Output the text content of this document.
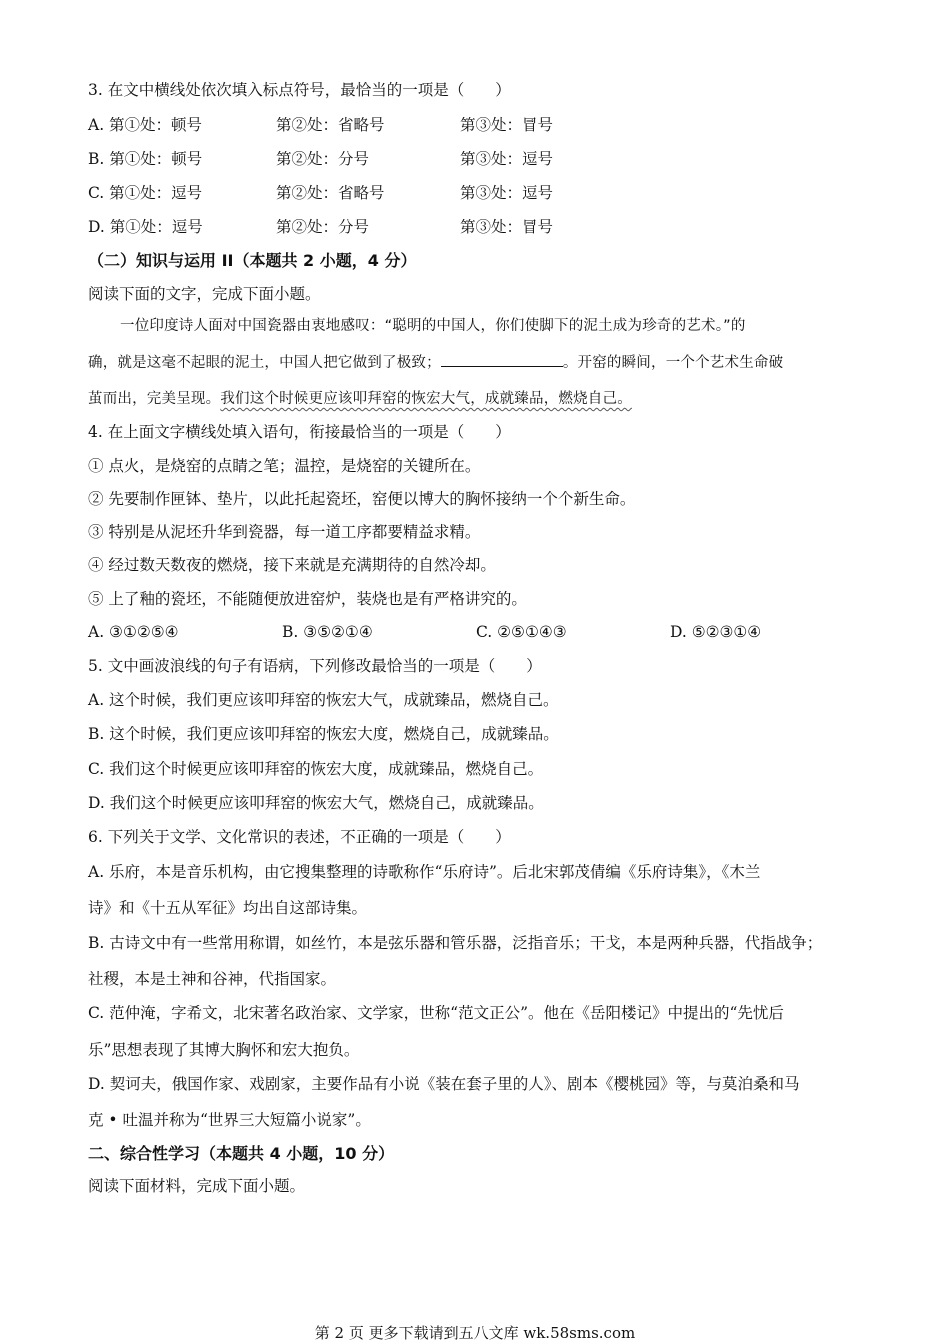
3. 在文中横线处依次填入标点符号，最恰当的一项是（　　）
A. 第①处：顿号	第②处：省略号	第③处：冒号
B. 第①处：顿号	第②处：分号	第③处：逗号
C. 第①处：逗号	第②处：省略号	第③处：逗号
D. 第①处：逗号	第②处：分号	第③处：冒号
（二）知识与运用 II（本题共 2 小题，4 分）
阅读下面的文字，完成下面小题。
一位印度诗人面对中国瓷器由衷地感叹：“聪明的中国人，你们使脚下的泥土成为珍奇的艺术。”的
确，就是这毫不起眼的泥土，中国人把它做到了极致；	。开窑的瞬间，一个个艺术生命破
茧而出，完美呈现。我们这个时候更应该叩拜窑的恢宏大气，成就臻品，燃烧自己。
4. 在上面文字横线处填入语句，衔接最恰当的一项是（　　）
① 点火，是烧窑的点睛之笔；温控，是烧窑的关键所在。
② 先要制作匣钵、垫片，以此托起瓷坯，窑便以博大的胸怀接纳一个个新生命。
③ 特别是从泥坯升华到瓷器，每一道工序都要精益求精。
④ 经过数天数夜的燃烧，接下来就是充满期待的自然冷却。
⑤ 上了釉的瓷坯，不能随便放进窑炉，装烧也是有严格讲究的。
A. ③①②⑤④	B. ③⑤②①④	C. ②⑤①④③	D. ⑤②③①④
5. 文中画波浪线的句子有语病，下列修改最恰当的一项是（　　）
A. 这个时候，我们更应该叩拜窑的恢宏大气，成就臻品，燃烧自己。
B. 这个时候，我们更应该叩拜窑的恢宏大度，燃烧自己，成就臻品。
C. 我们这个时候更应该叩拜窑的恢宏大度，成就臻品，燃烧自己。
D. 我们这个时候更应该叩拜窑的恢宏大气，燃烧自己，成就臻品。
6. 下列关于文学、文化常识的表述，不正确的一项是（　　）
A. 乐府，本是音乐机构，由它搜集整理的诗歌称作“乐府诗”。后北宋郭茂倩编《乐府诗集》，《木兰
诗》和《十五从军征》均出自这部诗集。
B. 古诗文中有一些常用称谓，如丝竹，本是弦乐器和管乐器，泛指音乐；干戈，本是两种兵器，代指战争；
社稷，本是土神和谷神，代指国家。
C. 范仲淹，字希文，北宋著名政治家、文学家，世称“范文正公”。他在《岳阳楼记》中提出的“先忧后
乐”思想表现了其博大胸怀和宏大抱负。
D. 契诃夫，俄国作家、戏剧家，主要作品有小说《装在套子里的人》、剧本《樱桃园》等，与莫泊桑和马
克 • 吐温并称为“世界三大短篇小说家”。
二、综合性学习（本题共 4 小题，10 分）
阅读下面材料，完成下面小题。
第 2 页 更多下载请到五八文库 wk.58sms.com
